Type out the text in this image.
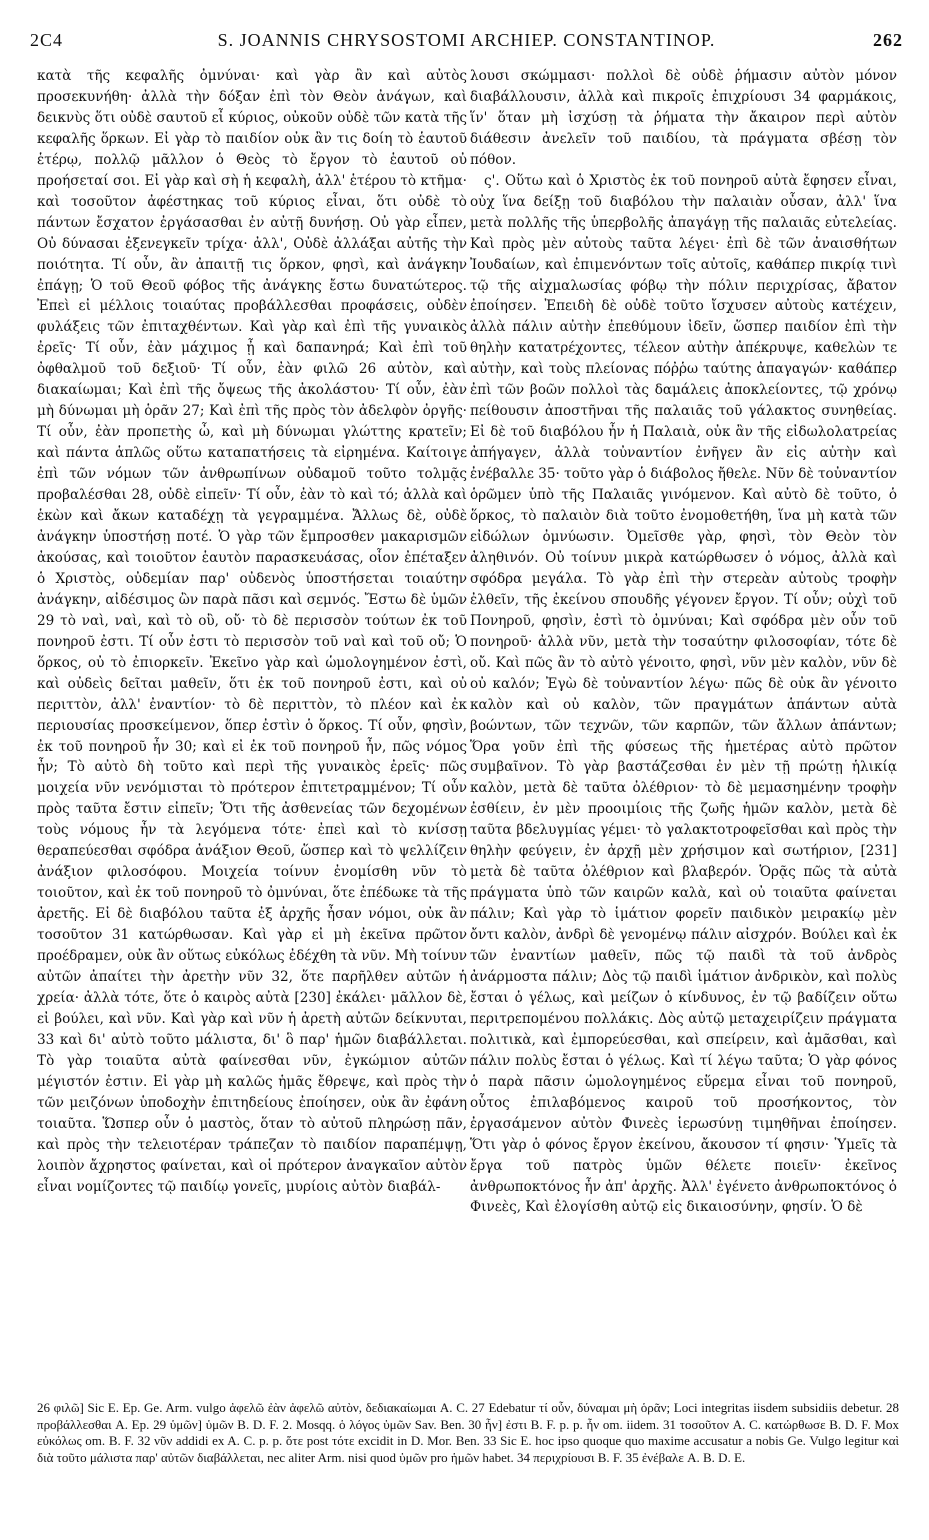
2C4	S. JOANNIS CHRYSOSTOMI ARCHIEP. CONSTANTINOP.	262

κατὰ τῆς κεφαλῆς ὀμνύναι· καὶ γὰρ ἂν καὶ αὐτὸς προσεκυνήθη· ἀλλὰ τὴν δόξαν ἐπὶ τὸν Θεὸν ἀνάγων, καὶ δεικνὺς ὅτι οὐδὲ σαυτοῦ εἶ κύριος, οὐκοῦν οὐδὲ τῶν κατὰ τῆς κεφαλῆς ὅρκων. Εἰ γὰρ τὸ παιδίον οὐκ ἂν τις δοίη τὸ ἑαυτοῦ ἑτέρῳ, πολλῷ μᾶλλον ὁ Θεὸς τὸ ἔργον τὸ ἑαυτοῦ οὐ προήσεταί σοι. Εἰ γὰρ καὶ σὴ ἡ κεφαλὴ, ἀλλ' ἑτέρου τὸ κτῆμα· καὶ τοσοῦτον ἀφέστηκας τοῦ κύριος εἶναι, ὅτι οὐδὲ τὸ πάντων ἔσχατον ἐργάσασθαι ἐν αὐτῇ δυνήσῃ. Οὐ γὰρ εἶπεν, Οὐ δύνασαι ἐξενεγκεῖν τρίχα· ἀλλ', Οὐδὲ ἀλλάξαι αὐτῆς τὴν ποιότητα. Τί οὖν, ἂν ἀπαιτῇ τις ὅρκον, φησὶ, καὶ ἀνάγκην ἐπάγῃ; Ὁ τοῦ Θεοῦ φόβος τῆς ἀνάγκης ἔστω δυνατώτερος. Ἐπεὶ εἰ μέλλοις τοιαύτας προβάλλεσθαι προφάσεις, οὐδὲν φυλάξεις τῶν ἐπιταχθέντων. Καὶ γὰρ καὶ ἐπὶ τῆς γυναικὸς ἐρεῖς· Τί οὖν, ἐὰν μάχιμος ᾖ καὶ δαπανηρά; Καὶ ἐπὶ τοῦ ὀφθαλμοῦ τοῦ δεξιοῦ· Τί οὖν, ἐὰν φιλῶ 26 αὐτὸν, καὶ διακαίωμαι; Καὶ ἐπὶ τῆς ὄψεως τῆς ἀκολάστου· Τί οὖν, ἐὰν μὴ δύνωμαι μὴ ὁρᾶν 27; Καὶ ἐπὶ τῆς πρὸς τὸν ἀδελφὸν ὀργῆς· Τί οὖν, ἐὰν προπετὴς ὦ, καὶ μὴ δύνωμαι γλώττης κρατεῖν; καὶ πάντα ἁπλῶς οὕτω καταπατήσεις τὰ εἰρημένα. Καίτοιγε ἐπὶ τῶν νόμων τῶν ἀνθρωπίνων οὐδαμοῦ τοῦτο τολμᾷς προβαλέσθαι 28, οὐδὲ εἰπεῖν· Τί οὖν, ἐὰν τὸ καὶ τό; ἀλλὰ καὶ ἑκὼν καὶ ἄκων καταδέχῃ τὰ γεγραμμένα. Ἄλλως δὲ, οὐδὲ ἀνάγκην ὑποστήσῃ ποτέ. Ὁ γὰρ τῶν ἔμπροσθεν μακαρισμῶν ἀκούσας, καὶ τοιοῦτον ἑαυτὸν παρασκευάσας, οἷον ἐπέταξεν ὁ Χριστὸς, οὐδεμίαν παρ' οὐδενὸς ὑποστήσεται τοιαύτην ἀνάγκην, αἰδέσιμος ὢν παρὰ πᾶσι καὶ σεμνός. Ἔστω δὲ ὑμῶν 29 τὸ ναὶ, ναὶ, καὶ τὸ οὒ, οὔ· τὸ δὲ περισσὸν τούτων ἐκ τοῦ πονηροῦ ἐστι. Τί οὖν ἐστι τὸ περισσὸν τοῦ ναὶ καὶ τοῦ οὔ; Ὁ ὅρκος, οὐ τὸ ἐπιορκεῖν. Ἐκεῖνο γὰρ καὶ ὡμολογημένον ἐστὶ, καὶ οὐδεὶς δεῖται μαθεῖν, ὅτι ἐκ τοῦ πονηροῦ ἐστι, καὶ οὐ περιττὸν, ἀλλ' ἐναντίον· τὸ δὲ περιττὸν, τὸ πλέον καὶ ἐκ περιουσίας προσκείμενον, ὅπερ ἐστὶν ὁ ὅρκος. Τί οὖν, φησὶν, ἐκ τοῦ πονηροῦ ἦν 30; καὶ εἰ ἐκ τοῦ πονηροῦ ἦν, πῶς νόμος ἦν; Τὸ αὐτὸ δὴ τοῦτο καὶ περὶ τῆς γυναικὸς ἐρεῖς· πῶς μοιχεία νῦν νενόμισται τὸ πρότερον ἐπιτετραμμένον; Τί οὖν πρὸς ταῦτα ἔστιν εἰπεῖν; Ὅτι τῆς ἀσθενείας τῶν δεχομένων τοὺς νόμους ἦν τὰ λεγόμενα τότε· ἐπεὶ καὶ τὸ κνίσσῃ θεραπεύεσθαι σφόδρα ἀνάξιον Θεοῦ, ὥσπερ καὶ τὸ ψελλίζειν ἀνάξιον φιλοσόφου. Μοιχεία τοίνυν ἐνομίσθη νῦν τὸ τοιοῦτον, καὶ ἐκ τοῦ πονηροῦ τὸ ὀμνύναι, ὅτε ἐπέδωκε τὰ τῆς ἀρετῆς. Εἰ δὲ διαβόλου ταῦτα ἐξ ἀρχῆς ἦσαν νόμοι, οὐκ ἂν τοσοῦτον 31 κατώρθωσαν. Καὶ γὰρ εἰ μὴ ἐκεῖνα πρῶτον προέδραμεν, οὐκ ἂν οὕτως εὐκόλως ἐδέχθη τὰ νῦν. Μὴ τοίνυν αὐτῶν ἀπαίτει τὴν ἀρετὴν νῦν 32, ὅτε παρῆλθεν αὐτῶν ἡ χρεία· ἀλλὰ τότε, ὅτε ὁ καιρὸς αὐτὰ [230] ἐκάλει· μᾶλλον δὲ, εἰ βούλει, καὶ νῦν. Καὶ γὰρ καὶ νῦν ἡ ἀρετὴ αὐτῶν δείκνυται, 33 καὶ δι' αὐτὸ τοῦτο μάλιστα, δι' ὃ παρ' ἡμῶν διαβάλλεται. Τὸ γὰρ τοιαῦτα αὐτὰ φαίνεσθαι νῦν, ἐγκώμιον αὐτῶν μέγιστόν ἐστιν. Εἰ γὰρ μὴ καλῶς ἡμᾶς ἔθρεψε, καὶ πρὸς τὴν τῶν μειζόνων ὑποδοχὴν ἐπιτηδείους ἐποίησεν, οὐκ ἂν ἐφάνη τοιαῦτα. Ὥσπερ οὖν ὁ μαστὸς, ὅταν τὸ αὐτοῦ πληρώσῃ πᾶν, καὶ πρὸς τὴν τελειοτέραν τράπεζαν τὸ παιδίον παραπέμψῃ, λοιπὸν ἄχρηστος φαίνεται, καὶ οἱ πρότερον ἀναγκαῖον αὐτὸν εἶναι νομίζοντες τῷ παιδίῳ γονεῖς, μυρίοις αὐτὸν διαβάλ-

λουσι σκώμμασι· πολλοὶ δὲ οὐδὲ ῥήμασιν αὐτὸν μόνον διαβάλλουσιν, ἀλλὰ καὶ πικροῖς ἐπιχρίουσι 34 φαρμάκοις, ἵν' ὅταν μὴ ἰσχύσῃ τὰ ῥήματα τὴν ἄκαιρον περὶ αὐτὸν διάθεσιν ἀνελεῖν τοῦ παιδίου, τὰ πράγματα σβέσῃ τὸν πόθον.

ς'. Οὕτω καὶ ὁ Χριστὸς ἐκ τοῦ πονηροῦ αὐτὰ ἔφησεν εἶναι, οὐχ ἵνα δείξῃ τοῦ διαβόλου τὴν παλαιὰν οὖσαν, ἀλλ' ἵνα μετὰ πολλῆς τῆς ὑπερβολῆς ἀπαγάγῃ τῆς παλαιᾶς εὐτελείας. Καὶ πρὸς μὲν αὐτοὺς ταῦτα λέγει· ἐπὶ δὲ τῶν ἀναισθήτων Ἰουδαίων, καὶ ἐπιμενόντων τοῖς αὐτοῖς, καθάπερ πικρίᾳ τινὶ τῷ τῆς αἰχμαλωσίας φόβῳ τὴν πόλιν περιχρίσας, ἄβατον ἐποίησεν. Ἐπειδὴ δὲ οὐδὲ τοῦτο ἴσχυσεν αὐτοὺς κατέχειν, ἀλλὰ πάλιν αὐτὴν ἐπεθύμουν ἰδεῖν, ὥσπερ παιδίον ἐπὶ τὴν θηλὴν κατατρέχοντες, τέλεον αὐτὴν ἀπέκρυψε, καθελὼν τε αὐτὴν, καὶ τοὺς πλείονας πόῤῥω ταύτης ἀπαγαγών· καθάπερ ἐπὶ τῶν βοῶν πολλοὶ τὰς δαμάλεις ἀποκλείοντες, τῷ χρόνῳ πείθουσιν ἀποστῆναι τῆς παλαιᾶς τοῦ γάλακτος συνηθείας. Εἰ δὲ τοῦ διαβόλου ἦν ἡ Παλαιὰ, οὐκ ἂν τῆς εἰδωλολατρείας ἀπήγαγεν, ἀλλὰ τοὐναντίον ἐνῆγεν ἂν εἰς αὐτὴν καὶ ἐνέβαλλε 35· τοῦτο γὰρ ὁ διάβολος ἤθελε. Νῦν δὲ τοὐναντίον ὁρῶμεν ὑπὸ τῆς Παλαιᾶς γινόμενον. Καὶ αὐτὸ δὲ τοῦτο, ὁ ὅρκος, τὸ παλαιὸν διὰ τοῦτο ἐνομοθετήθη, ἵνα μὴ κατὰ τῶν εἰδώλων ὀμνύωσιν. Ὀμεῖσθε γὰρ, φησὶ, τὸν Θεὸν τὸν ἀληθινόν. Οὐ τοίνυν μικρὰ κατώρθωσεν ὁ νόμος, ἀλλὰ καὶ σφόδρα μεγάλα. Τὸ γὰρ ἐπὶ τὴν στερεὰν αὐτοὺς τροφὴν ἐλθεῖν, τῆς ἐκείνου σπουδῆς γέγονεν ἔργον. Τί οὖν; οὐχὶ τοῦ Πονηροῦ, φησὶν, ἐστὶ τὸ ὀμνύναι; Καὶ σφόδρα μὲν οὖν τοῦ πονηροῦ· ἀλλὰ νῦν, μετὰ τὴν τοσαύτην φιλοσοφίαν, τότε δὲ οὔ. Καὶ πῶς ἂν τὸ αὐτὸ γένοιτο, φησὶ, νῦν μὲν καλὸν, νῦν δὲ οὐ καλόν; Ἐγὼ δὲ τοὐναντίον λέγω· πῶς δὲ οὐκ ἂν γένοιτο καλὸν καὶ οὐ καλὸν, τῶν πραγμάτων ἁπάντων αὐτὰ βοώντων, τῶν τεχνῶν, τῶν καρπῶν, τῶν ἄλλων ἁπάντων; Ὅρα γοῦν ἐπὶ τῆς φύσεως τῆς ἡμετέρας αὐτὸ πρῶτον συμβαῖνον. Τὸ γὰρ βαστάζεσθαι ἐν μὲν τῇ πρώτῃ ἡλικίᾳ καλὸν, μετὰ δὲ ταῦτα ὀλέθριον· τὸ δὲ μεμασημένην τροφὴν ἐσθίειν, ἐν μὲν προοιμίοις τῆς ζωῆς ἡμῶν καλὸν, μετὰ δὲ ταῦτα βδελυγμίας γέμει· τὸ γαλακτοτροφεῖσθαι καὶ πρὸς τὴν θηλὴν φεύγειν, ἐν ἀρχῇ μὲν χρήσιμον καὶ σωτήριον, [231] μετὰ δὲ ταῦτα ὀλέθριον καὶ βλαβερόν. Ὁρᾷς πῶς τὰ αὐτὰ πράγματα ὑπὸ τῶν καιρῶν καλὰ, καὶ οὐ τοιαῦτα φαίνεται πάλιν; Καὶ γὰρ τὸ ἱμάτιον φορεῖν παιδικὸν μειρακίῳ μὲν ὄντι καλὸν, ἀνδρὶ δὲ γενομένῳ πάλιν αἰσχρόν. Βούλει καὶ ἐκ τῶν ἐναντίων μαθεῖν, πῶς τῷ παιδὶ τὰ τοῦ ἀνδρὸς ἀνάρμοστα πάλιν; Δὸς τῷ παιδὶ ἱμάτιον ἀνδρικὸν, καὶ πολὺς ἔσται ὁ γέλως, καὶ μείζων ὁ κίνδυνος, ἐν τῷ βαδίζειν οὕτω περιτρεπομένου πολλάκις. Δὸς αὐτῷ μεταχειρίζειν πράγματα πολιτικὰ, καὶ ἐμπορεύεσθαι, καὶ σπείρειν, καὶ ἀμᾶσθαι, καὶ πάλιν πολὺς ἔσται ὁ γέλως. Καὶ τί λέγω ταῦτα; Ὁ γὰρ φόνος ὁ παρὰ πᾶσιν ὡμολογημένος εὕρεμα εἶναι τοῦ πονηροῦ, οὗτος ἐπιλαβόμενος καιροῦ τοῦ προσήκοντος, τὸν ἐργασάμενον αὐτὸν Φινεὲς ἱερωσύνῃ τιμηθῆναι ἐποίησεν. Ὅτι γὰρ ὁ φόνος ἔργον ἐκείνου, ἄκουσον τί φησιν· Ὑμεῖς τὰ ἔργα τοῦ πατρὸς ὑμῶν θέλετε ποιεῖν· ἐκεῖνος ἀνθρωποκτόνος ἦν ἀπ' ἀρχῆς. Ἀλλ' ἐγένετο ἀνθρωποκτόνος ὁ Φινεὲς, Καὶ ἐλογίσθη αὐτῷ εἰς δικαιοσύνην, φησίν. Ὁ δὲ

26 φιλῶ] Sic E. Ep. Ge. Arm. vulgo ἀφελῶ ἐὰν ἀφελῶ αὐτὸν, δεδιακαίωμαι A. C. 27 Edebatur τί οὖν, δύναμαι μὴ ὁρᾶν; Loci integritas iisdem subsidiis debetur. 28 προβάλλεσθαι A. Ep. 29 ὑμῶν] ὑμῶν B. D. F. 2. Mosqq. ὁ λόγος ὑμῶν Sav. Ben. 30 ἦν] ἐστι B. F. p. p. ἦν om. iidem. 31 τοσοῦτον A. C. κατώρθωσε B. D. F. Mox εὐκόλως om. B. F. 32 νῦν addidi ex A. C. p. p. ὅτε post τότε excidit in D. Mor. Ben. 33 Sic E. hoc ipso quoque quo maxime accusatur a nobis Ge. Vulgo legitur καὶ διὰ τοῦτο μάλιστα παρ' αὐτῶν διαβάλλεται, nec aliter Arm. nisi quod ὑμῶν pro ἡμῶν habet. 34 περιχρίουσι B. F. 35 ἐνέβαλε A. B. D. E.
